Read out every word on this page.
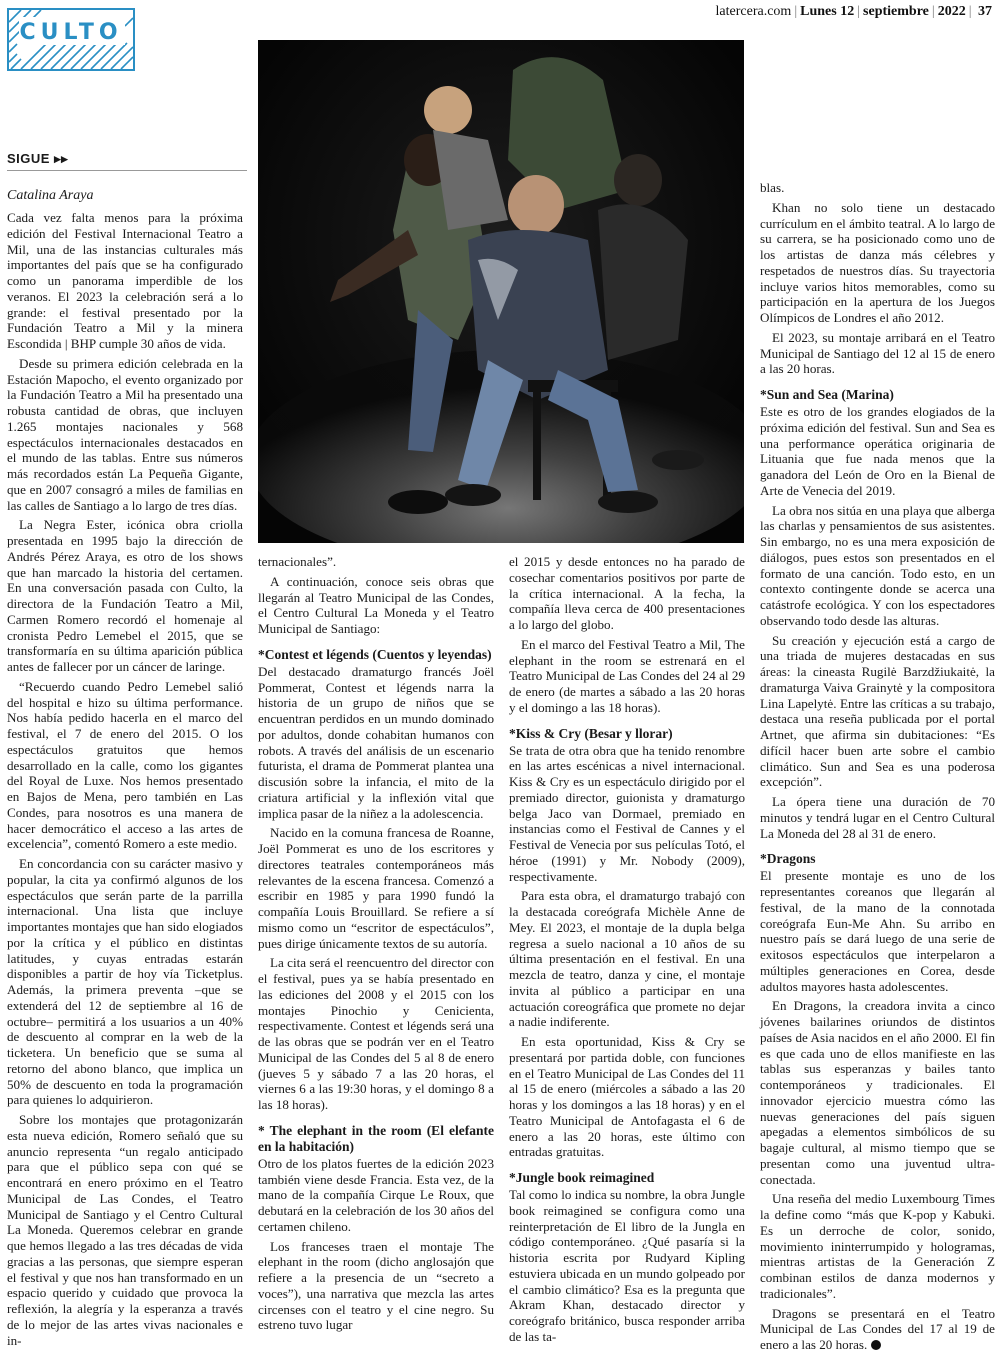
CULTO
latercera.com | Lunes 12 | septiembre | 2022 | 37
SIGUE ▸▸
Catalina Araya

Cada vez falta menos para la próxima edición del Festival Internacional Teatro a Mil, una de las instancias culturales más importantes del país que se ha configurado como un panorama imperdible de los veranos. El 2023 la celebración será a lo grande: el festival presentado por la Fundación Teatro a Mil y la minera Escondida | BHP cumple 30 años de vida.

Desde su primera edición celebrada en la Estación Mapocho, el evento organizado por la Fundación Teatro a Mil ha presentado una robusta cantidad de obras, que incluyen 1.265 montajes nacionales y 568 espectáculos internacionales destacados en el mundo de las tablas. Entre sus números más recordados están La Pequeña Gigante, que en 2007 consagró a miles de familias en las calles de Santiago a lo largo de tres días.

La Negra Ester, icónica obra criolla presentada en 1995 bajo la dirección de Andrés Pérez Araya, es otro de los shows que han marcado la historia del certamen. En una conversación pasada con Culto, la directora de la Fundación Teatro a Mil, Carmen Romero recordó el homenaje al cronista Pedro Lemebel el 2015, que se transformaría en su última aparición pública antes de fallecer por un cáncer de laringe.

“Recuerdo cuando Pedro Lemebel salió del hospital e hizo su última performance. Nos había pedido hacerla en el marco del festival, el 7 de enero del 2015. O los espectáculos gratuitos que hemos desarrollado en la calle, como los gigantes del Royal de Luxe. Nos hemos presentado en Bajos de Mena, pero también en Las Condes, para nosotros es una manera de hacer democrático el acceso a las artes de excelencia”, comentó Romero a este medio.

En concordancia con su carácter masivo y popular, la cita ya confirmó algunos de los espectáculos que serán parte de la parrilla internacional. Una lista que incluye importantes montajes que han sido elogiados por la crítica y el público en distintas latitudes, y cuyas entradas estarán disponibles a partir de hoy vía Ticketplus. Además, la primera preventa –que se extenderá del 12 de septiembre al 16 de octubre– permitirá a los usuarios a un 40% de descuento al comprar en la web de la ticketera. Un beneficio que se suma al retorno del abono blanco, que implica un 50% de descuento en toda la programación para quienes lo adquirieron.

Sobre los montajes que protagonizarán esta nueva edición, Romero señaló que su anuncio representa “un regalo anticipado para que el público sepa con qué se encontrará en enero próximo en el Teatro Municipal de Las Condes, el Teatro Municipal de Santiago y el Centro Cultural La Moneda. Queremos celebrar en grande que hemos llegado a las tres décadas de vida gracias a las personas, que siempre esperan el festival y que nos han transformado en un espacio querido y cuidado que provoca la reflexión, la alegría y la esperanza a través de lo mejor de las artes vivas nacionales e in-

ternacionales”.

A continuación, conoce seis obras que llegarán al Teatro Municipal de las Condes, el Centro Cultural La Moneda y el Teatro Municipal de Santiago:

*Contest et légends (Cuentos y leyendas)

Del destacado dramaturgo francés Joël Pommerat, Contest et légends narra la historia de un grupo de niños que se encuentran perdidos en un mundo dominado por adultos, donde cohabitan humanos con robots. A través del análisis de un escenario futurista, el drama de Pommerat plantea una discusión sobre la infancia, el mito de la criatura artificial y la inflexión vital que implica pasar de la niñez a la adolescencia.

Nacido en la comuna francesa de Roanne, Joël Pommerat es uno de los escritores y directores teatrales contemporáneos más relevantes de la escena francesa. Comenzó a escribir en 1985 y para 1990 fundó la compañía Louis Brouillard. Se refiere a sí mismo como un “escritor de espectáculos”, pues dirige únicamente textos de su autoría.

La cita será el reencuentro del director con el festival, pues ya se había presentado en las ediciones del 2008 y el 2015 con los montajes Pinochio y Cenicienta, respectivamente. Contest et légends será una de las obras que se podrán ver en el Teatro Municipal de las Condes del 5 al 8 de enero (jueves 5 y sábado 7 a las 20 horas, el viernes 6 a las 19:30 horas, y el domingo 8 a las 18 horas).

* The elephant in the room (El elefante en la habitación)

Otro de los platos fuertes de la edición 2023 también viene desde Francia. Esta vez, de la mano de la compañía Cirque Le Roux, que debutará en la celebración de los 30 años del certamen chileno.

Los franceses traen el montaje The elephant in the room (dicho anglosajón que refiere a la presencia de un “secreto a voces”), una narrativa que mezcla las artes circenses con el teatro y el cine negro. Su estreno tuvo lugar

el 2015 y desde entonces no ha parado de cosechar comentarios positivos por parte de la crítica internacional. A la fecha, la compañía lleva cerca de 400 presentaciones a lo largo del globo.

En el marco del Festival Teatro a Mil, The elephant in the room se estrenará en el Teatro Municipal de Las Condes del 24 al 29 de enero (de martes a sábado a las 20 horas y el domingo a las 18 horas).

*Kiss & Cry (Besar y llorar)

Se trata de otra obra que ha tenido renombre en las artes escénicas a nivel internacional. Kiss & Cry es un espectáculo dirigido por el premiado director, guionista y dramaturgo belga Jaco van Dormael, premiado en instancias como el Festival de Cannes y el Festival de Venecia por sus películas Totó, el héroe (1991) y Mr. Nobody (2009), respectivamente.

Para esta obra, el dramaturgo trabajó con la destacada coreógrafa Michèle Anne de Mey. El 2023, el montaje de la dupla belga regresa a suelo nacional a 10 años de su última presentación en el festival. En una mezcla de teatro, danza y cine, el montaje invita al público a participar en una actuación coreográfica que promete no dejar a nadie indiferente.

En esta oportunidad, Kiss & Cry se presentará por partida doble, con funciones en el Teatro Municipal de Las Condes del 11 al 15 de enero (miércoles a sábado a las 20 horas y los domingos a las 18 horas) y en el Teatro Municipal de Antofagasta el 6 de enero a las 20 horas, este último con entradas gratuitas.

*Jungle book reimagined

Tal como lo indica su nombre, la obra Jungle book reimagined se configura como una reinterpretación de El libro de la Jungla en código contemporáneo. ¿Qué pasaría si la historia escrita por Rudyard Kipling estuviera ubicada en un mundo golpeado por el cambio climático? Esa es la pregunta que Akram Khan, destacado director y coreógrafo británico, busca responder arriba de las ta-

blas.

Khan no solo tiene un destacado currículum en el ámbito teatral. A lo largo de su carrera, se ha posicionado como uno de los artistas de danza más célebres y respetados de nuestros días. Su trayectoria incluye varios hitos memorables, como su participación en la apertura de los Juegos Olímpicos de Londres el año 2012.

El 2023, su montaje arribará en el Teatro Municipal de Santiago del 12 al 15 de enero a las 20 horas.

*Sun and Sea (Marina)

Este es otro de los grandes elogiados de la próxima edición del festival. Sun and Sea es una performance operática originaria de Lituania que fue nada menos que la ganadora del León de Oro en la Bienal de Arte de Venecia del 2019.

La obra nos sitúa en una playa que alberga las charlas y pensamientos de sus asistentes. Sin embargo, no es una mera exposición de diálogos, pues estos son presentados en el formato de una canción. Todo esto, en un contexto contingente donde se acerca una catástrofe ecológica. Y con los espectadores observando todo desde las alturas.

Su creación y ejecución está a cargo de una triada de mujeres destacadas en sus áreas: la cineasta Rugilė Barzdžiukaitė, la dramaturga Vaiva Grainytė y la compositora Lina Lapelytė. Entre las críticas a su trabajo, destaca una reseña publicada por el portal Artnet, que afirma sin dubitaciones: “Es difícil hacer buen arte sobre el cambio climático. Sun and Sea es una poderosa excepción”.

La ópera tiene una duración de 70 minutos y tendrá lugar en el Centro Cultural La Moneda del 28 al 31 de enero.

*Dragons

El presente montaje es uno de los representantes coreanos que llegarán al festival, de la mano de la connotada coreógrafa Eun-Me Ahn. Su arribo en nuestro país se dará luego de una serie de exitosos espectáculos que interpelaron a múltiples generaciones en Corea, desde adultos mayores hasta adolescentes.

En Dragons, la creadora invita a cinco jóvenes bailarines oriundos de distintos países de Asia nacidos en el año 2000. El fin es que cada uno de ellos manifieste en las tablas sus esperanzas y bailes tanto contemporáneos y tradicionales. El innovador ejercicio muestra cómo las nuevas generaciones del país siguen apegadas a elementos simbólicos de su bagaje cultural, al mismo tiempo que se presentan como una juventud ultra-conectada.

Una reseña del medio Luxembourg Times la define como “más que K-pop y Kabuki. Es un derroche de color, sonido, movimiento ininterrumpido y hologramas, mientras artistas de la Generación Z combinan estilos de danza modernos y tradicionales”.

Dragons se presentará en el Teatro Municipal de Las Condes del 17 al 19 de enero a las 20 horas.
